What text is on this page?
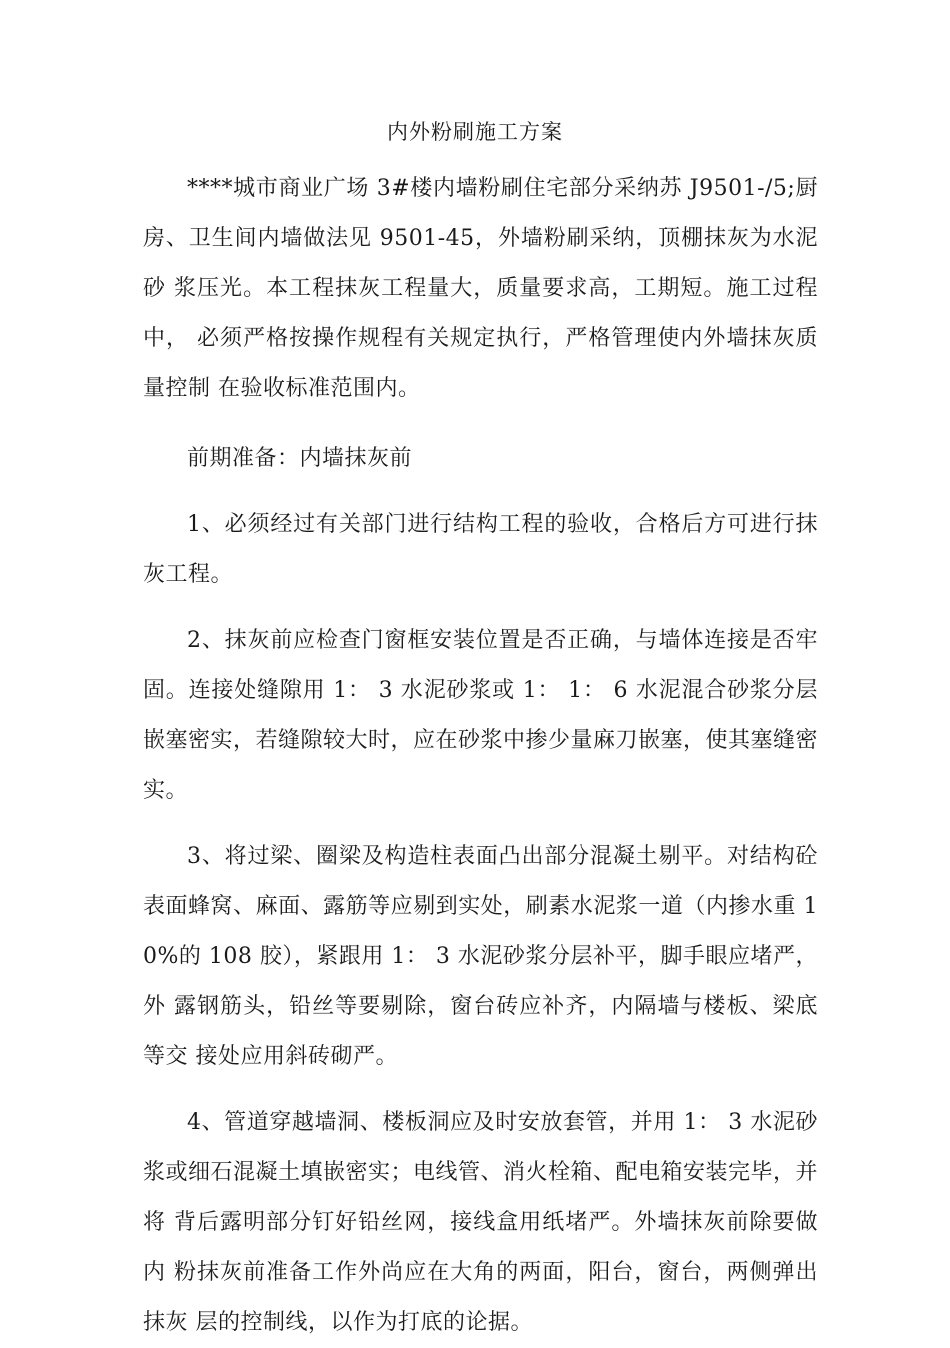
内外粉刷施工方案

****城市商业广场 3#楼内墙粉刷住宅部分采纳苏 J9501-/5;厨 房、卫生间内墙做法见 9501-45，外墙粉刷采纳，顶棚抹灰为水泥砂 浆压光。本工程抹灰工程量大，质量要求高，工期短。施工过程中， 必须严格按操作规程有关规定执行，严格管理使内外墙抹灰质量控制 在验收标准范围内。

前期准备：内墙抹灰前

1、必须经过有关部门进行结构工程的验收，合格后方可进行抹 灰工程。

2、抹灰前应检查门窗框安装位置是否正确，与墙体连接是否牢固。连接处缝隙用 1： 3 水泥砂浆或 1： 1： 6 水泥混合砂浆分层嵌塞密实，若缝隙较大时，应在砂浆中掺少量麻刀嵌塞，使其塞缝密实。

3、将过梁、圈梁及构造柱表面凸出部分混凝土剔平。对结构砼 表面蜂窝、麻面、露筋等应剔到实处，刷素水泥浆一道（内掺水重 10%的 108 胶），紧跟用 1： 3 水泥砂浆分层补平，脚手眼应堵严，外 露钢筋头，铅丝等要剔除，窗台砖应补齐，内隔墙与楼板、梁底等交 接处应用斜砖砌严。

4、管道穿越墙洞、楼板洞应及时安放套管，并用 1： 3 水泥砂浆或细石混凝土填嵌密实；电线管、消火栓箱、配电箱安装完毕，并将 背后露明部分钉好铅丝网，接线盒用纸堵严。外墙抹灰前除要做内 粉抹灰前准备工作外尚应在大角的两面，阳台，窗台，两侧弹出抹灰 层的控制线，以作为打底的论据。
